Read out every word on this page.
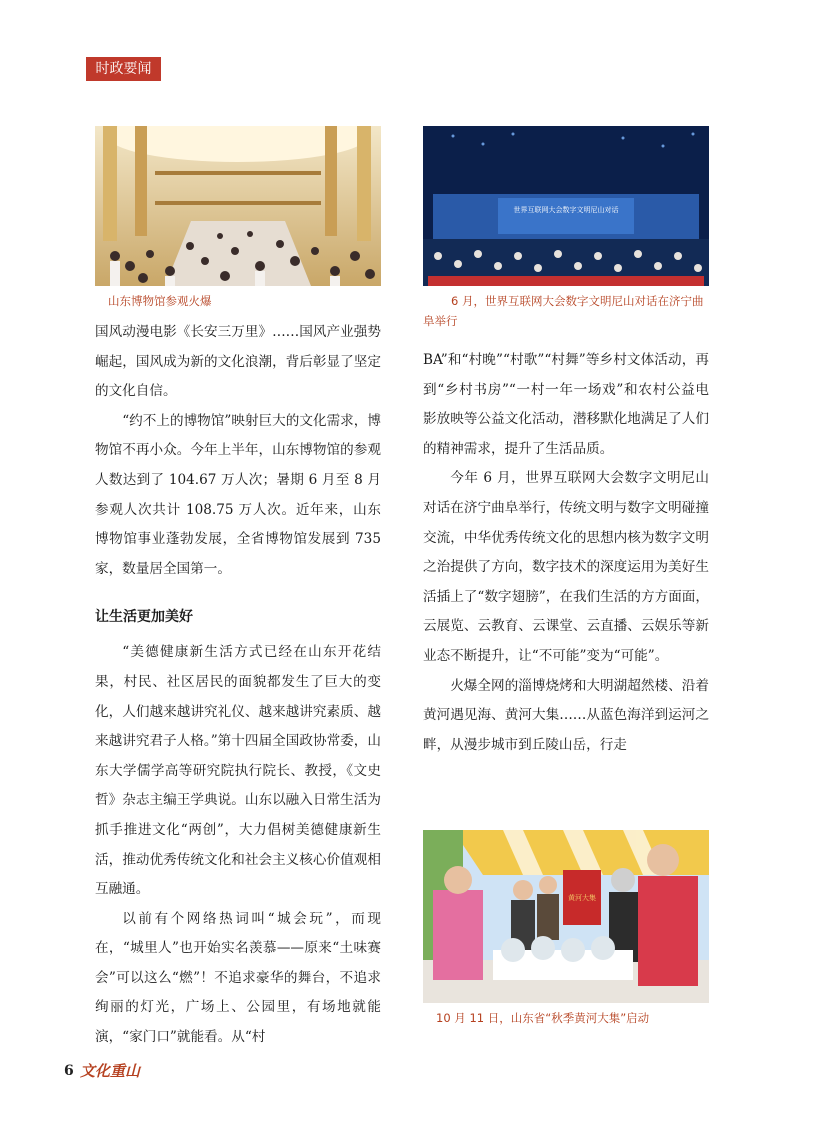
时政要闻
山东博物馆参观火爆
世界互联网大会数字文明尼山对话
6 月，世界互联网大会数字文明尼山对话在济宁曲阜举行

国风动漫电影《长安三万里》……国风产业强势崛起，国风成为新的文化浪潮，背后彰显了坚定的文化自信。

“约不上的博物馆”映射巨大的文化需求，博物馆不再小众。今年上半年，山东博物馆的参观人数达到了 104.67 万人次；暑期 6 月至 8 月参观人次共计 108.75 万人次。近年来，山东博物馆事业蓬勃发展，全省博物馆发展到 735 家，数量居全国第一。

让生活更加美好

“美德健康新生活方式已经在山东开花结果，村民、社区居民的面貌都发生了巨大的变化，人们越来越讲究礼仪、越来越讲究素质、越来越讲究君子人格。”第十四届全国政协常委，山东大学儒学高等研究院执行院长、教授，《文史哲》杂志主编王学典说。山东以融入日常生活为抓手推进文化“两创”，大力倡树美德健康新生活，推动优秀传统文化和社会主义核心价值观相互融通。

以前有个网络热词叫“城会玩”，而现在，“城里人”也开始实名羡慕——原来“土味赛会”可以这么“燃”！不追求豪华的舞台，不追求绚丽的灯光，广场上、公园里，有场地就能演，“家门口”就能看。从“村

BA”和“村晚”“村歌”“村舞”等乡村文体活动，再到“乡村书房”“一村一年一场戏”和农村公益电影放映等公益文化活动，潜移默化地满足了人们的精神需求，提升了生活品质。

今年 6 月，世界互联网大会数字文明尼山对话在济宁曲阜举行，传统文明与数字文明碰撞交流，中华优秀传统文化的思想内核为数字文明之治提供了方向，数字技术的深度运用为美好生活插上了“数字翅膀”，在我们生活的方方面面，云展览、云教育、云课堂、云直播、云娱乐等新业态不断提升，让“不可能”变为“可能”。

火爆全网的淄博烧烤和大明湖超然楼、沿着黄河遇见海、黄河大集……从蓝色海洋到运河之畔，从漫步城市到丘陵山岳，行走

黄河大集
10 月 11 日，山东省“秋季黄河大集”启动
6 文化重山
